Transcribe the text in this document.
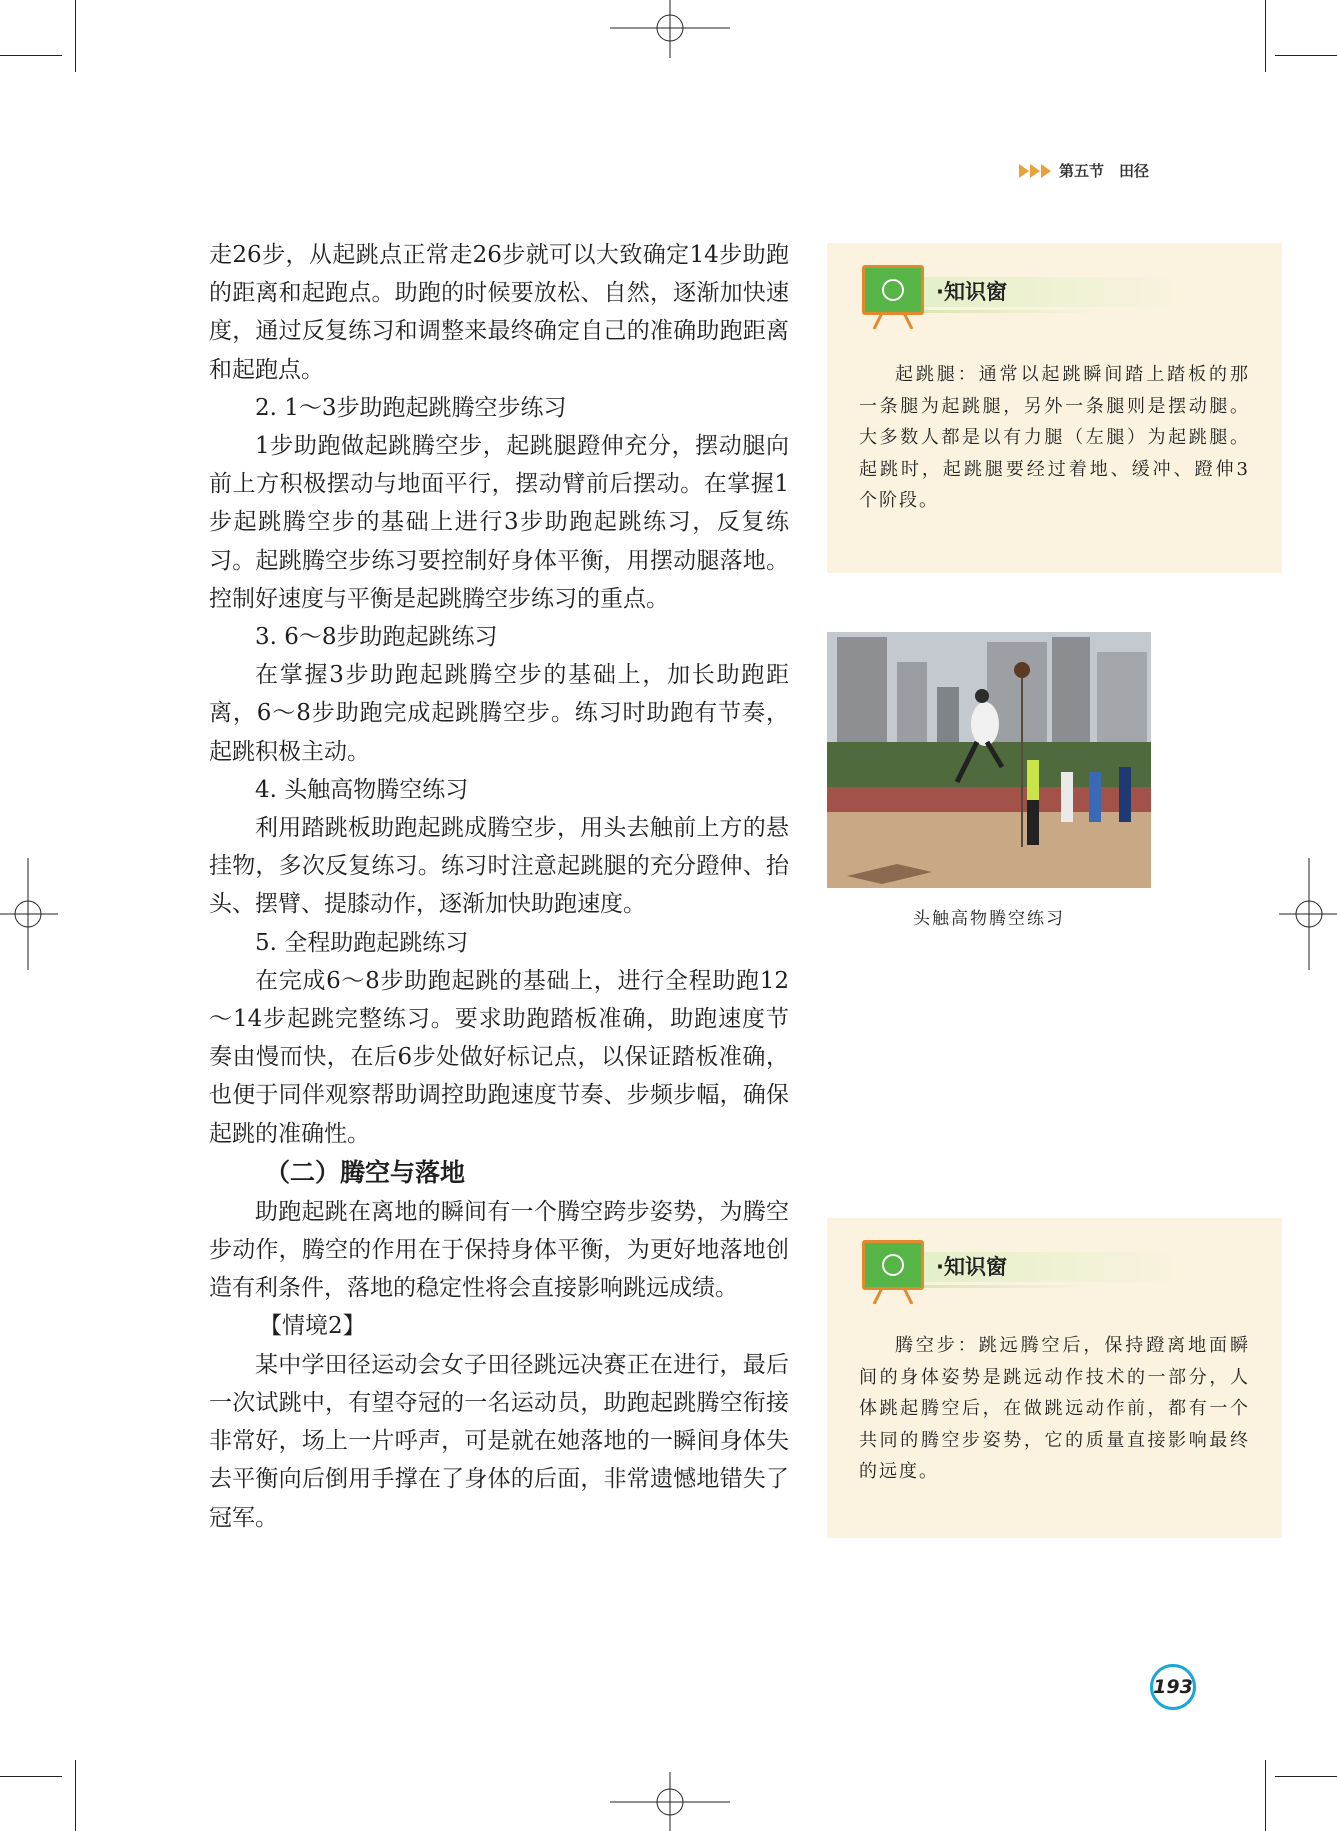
第五节　田径

走26步，从起跳点正常走26步就可以大致确定14步助跑的距离和起跑点。助跑的时候要放松、自然，逐渐加快速度，通过反复练习和调整来最终确定自己的准确助跑距离和起跑点。

2. 1～3步助跑起跳腾空步练习

1步助跑做起跳腾空步，起跳腿蹬伸充分，摆动腿向前上方积极摆动与地面平行，摆动臂前后摆动。在掌握1步起跳腾空步的基础上进行3步助跑起跳练习，反复练习。起跳腾空步练习要控制好身体平衡，用摆动腿落地。控制好速度与平衡是起跳腾空步练习的重点。

3. 6～8步助跑起跳练习

在掌握3步助跑起跳腾空步的基础上，加长助跑距离，6～8步助跑完成起跳腾空步。练习时助跑有节奏，起跳积极主动。

4. 头触高物腾空练习

利用踏跳板助跑起跳成腾空步，用头去触前上方的悬挂物，多次反复练习。练习时注意起跳腿的充分蹬伸、抬头、摆臂、提膝动作，逐渐加快助跑速度。

5. 全程助跑起跳练习

在完成6～8步助跑起跳的基础上，进行全程助跑12～14步起跳完整练习。要求助跑踏板准确，助跑速度节奏由慢而快，在后6步处做好标记点，以保证踏板准确，也便于同伴观察帮助调控助跑速度节奏、步频步幅，确保起跳的准确性。

（二）腾空与落地

助跑起跳在离地的瞬间有一个腾空跨步姿势，为腾空步动作，腾空的作用在于保持身体平衡，为更好地落地创造有利条件，落地的稳定性将会直接影响跳远成绩。

【情境2】

某中学田径运动会女子田径跳远决赛正在进行，最后一次试跳中，有望夺冠的一名运动员，助跑起跳腾空衔接非常好，场上一片呼声，可是就在她落地的一瞬间身体失去平衡向后倒用手撑在了身体的后面，非常遗憾地错失了冠军。

·知识窗

起跳腿：通常以起跳瞬间踏上踏板的那一条腿为起跳腿，另外一条腿则是摆动腿。大多数人都是以有力腿（左腿）为起跳腿。起跳时，起跳腿要经过着地、缓冲、蹬伸3个阶段。

头触高物腾空练习
·知识窗

腾空步：跳远腾空后，保持蹬离地面瞬间的身体姿势是跳远动作技术的一部分，人体跳起腾空后，在做跳远动作前，都有一个共同的腾空步姿势，它的质量直接影响最终的远度。

193
